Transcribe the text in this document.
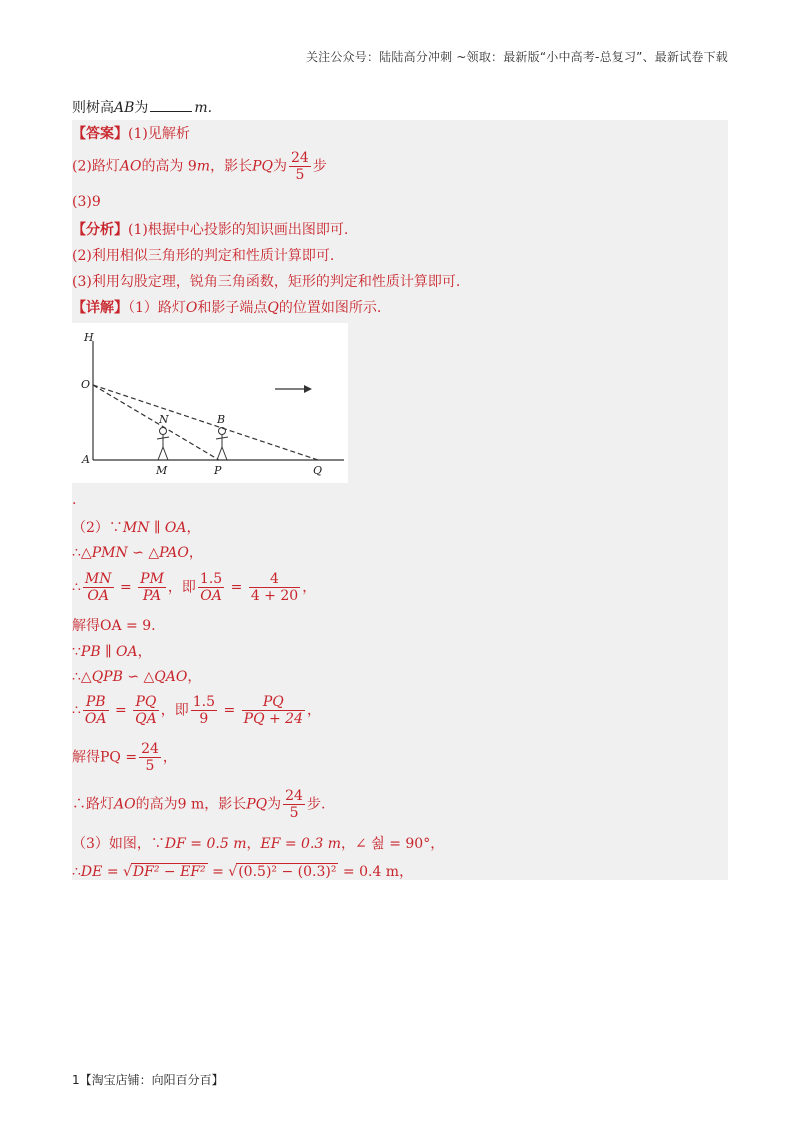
关注公众号：陆陆高分冲刺 ~领取：最新版“小中高考-总复习”、最新试卷下载
则树高AB为	m.
【答案】(1)见解析
(2)路灯AO的高为 9m，影长PQ为 $\frac{24}{5}$ 步
(3)9
【分析】(1)根据中心投影的知识画出图即可.
(2)利用相似三角形的判定和性质计算即可.
(3)利用勾股定理，锐角三角函数，矩形的判定和性质计算即可.
【详解】（1）路灯O和影子端点Q的位置如图所示.
H
O
A
N	B
M	P	Q
.
（2）∵MN ∥ OA，
∴△PMN ∽ △PAO，
∴ $\frac{MN}{OA} = \frac{PM}{PA}$ ，即 $\frac{1.5}{OA} = \frac{4}{4 + 20}$ ，
解得OA = 9.
∵PB ∥ OA，
∴△QPB ∽ △QAO，
∴ $\frac{PB}{OA} = \frac{PQ}{QA}$ ，即 $\frac{1.5}{9} = \frac{PQ}{PQ + 24}$ ，
解得PQ = $\frac{24}{5}$ ，
∴路灯AO的高为9 m，影长PQ为 $\frac{24}{5}$ 步.
（3）如图，∵DF = 0.5 m，EF = 0.3 m，∠ 쉂 = 90°，
∴DE = √DF² − EF² = √(0.5)² − (0.3)² = 0.4 m，
1【淘宝店铺：向阳百分百】
